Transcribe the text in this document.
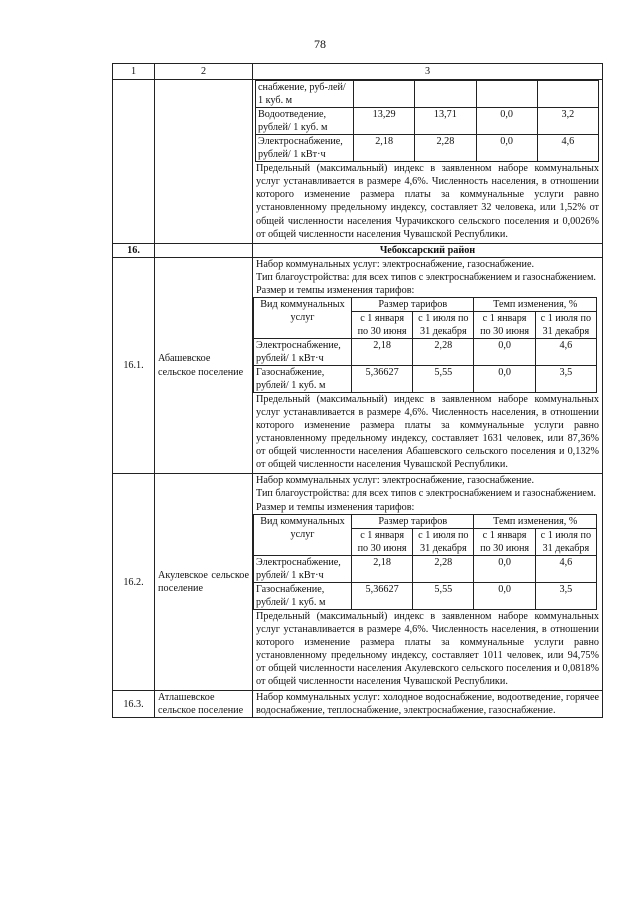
78
1	2	3

снабжение, руб-лей/ 1 куб. м				
Водоотведение, рублей/ 1 куб. м	13,29	13,71	0,0	3,2
Электроснабжение, рублей/ 1 кВт·ч	2,18	2,28	0,0	4,6
Предельный (максимальный) индекс в заявленном наборе коммунальных услуг устанавливается в размере 4,6%. Численность населения, в отношении которого изменение размера платы за коммунальные услуги равно установленному предельному индексу, составляет 32 человека, или 1,52% от общей численности населения Чурачикского сельского поселения и 0,0026% от общей численности населения Чувашской Республики.

16.		Чебоксарский район
16.1.	Абашевское сельское поселение	
Набор коммунальных услуг: электроснабжение, газоснабжение.
Тип благоустройства: для всех типов с электроснабжением и газоснабжением.
Размер и темпы изменения тарифов:
Вид коммунальных услуг	Размер тарифов	Темп изменения, %
с 1 января по 30 июня	с 1 июля по 31 декабря	с 1 января по 30 июня	с 1 июля по 31 декабря
Электроснабжение, рублей/ 1 кВт·ч	2,18	2,28	0,0	4,6
Газоснабжение, рублей/ 1 куб. м	5,36627	5,55	0,0	3,5
Предельный (максимальный) индекс в заявленном наборе коммунальных услуг устанавливается в размере 4,6%. Численность населения, в отношении которого изменение размера платы за коммунальные услуги равно установленному предельному индексу, составляет 1631 человек, или 87,36% от общей численности населения Абашевского сельского поселения и 0,132% от общей численности населения Чувашской Республики.

16.2.	Акулевское сельское поселение	
Набор коммунальных услуг: электроснабжение, газоснабжение.
Тип благоустройства: для всех типов с электроснабжением и газоснабжением.
Размер и темпы изменения тарифов:
Вид коммунальных услуг	Размер тарифов	Темп изменения, %
с 1 января по 30 июня	с 1 июля по 31 декабря	с 1 января по 30 июня	с 1 июля по 31 декабря
Электроснабжение, рублей/ 1 кВт·ч	2,18	2,28	0,0	4,6
Газоснабжение, рублей/ 1 куб. м	5,36627	5,55	0,0	3,5
Предельный (максимальный) индекс в заявленном наборе коммунальных услуг устанавливается в размере 4,6%. Численность населения, в отношении которого изменение размера платы за коммунальные услуги равно установленному предельному индексу, составляет 1011 человек, или 94,75% от общей численности населения Акулевского сельского поселения и 0,0818% от общей численности населения Чувашской Республики.

16.3.	Атлашевское сельское поселение	Набор коммунальных услуг: холодное водоснабжение, водоотведение, горячее водоснабжение, теплоснабжение, электроснабжение, газоснабжение.
